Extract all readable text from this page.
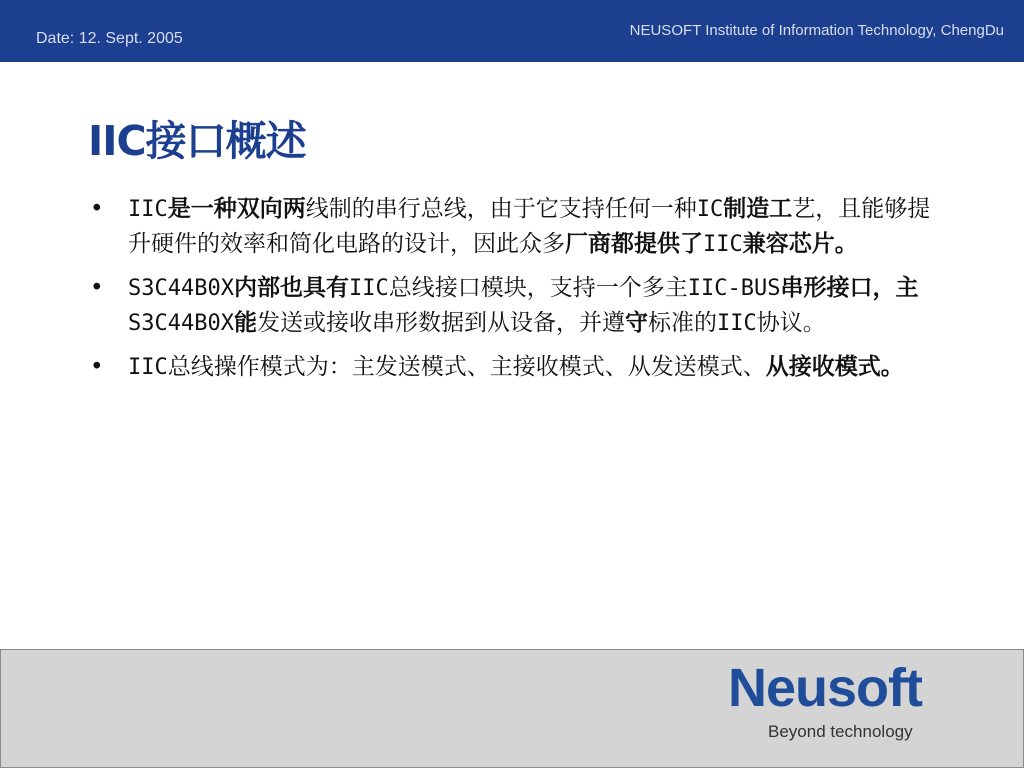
Date: 12. Sept. 2005	NEUSOFT Institute of Information Technology, ChengDu
IIC接口概述
• IIC是一种双向两线制的串行总线，由于它支持任何一种IC制造工艺，且能够提升硬件的效率和简化电路的设计，因此众多厂商都提供了IIC兼容芯片。
• S3C44B0X内部也具有IIC总线接口模块，支持一个多主IIC-BUS串形接口，主S3C44B0X能发送或接收串形数据到从设备，并遵守标准的IIC协议。
• IIC总线操作模式为：主发送模式、主接收模式、从发送模式、从接收模式。
Neusoft
Beyond technology
